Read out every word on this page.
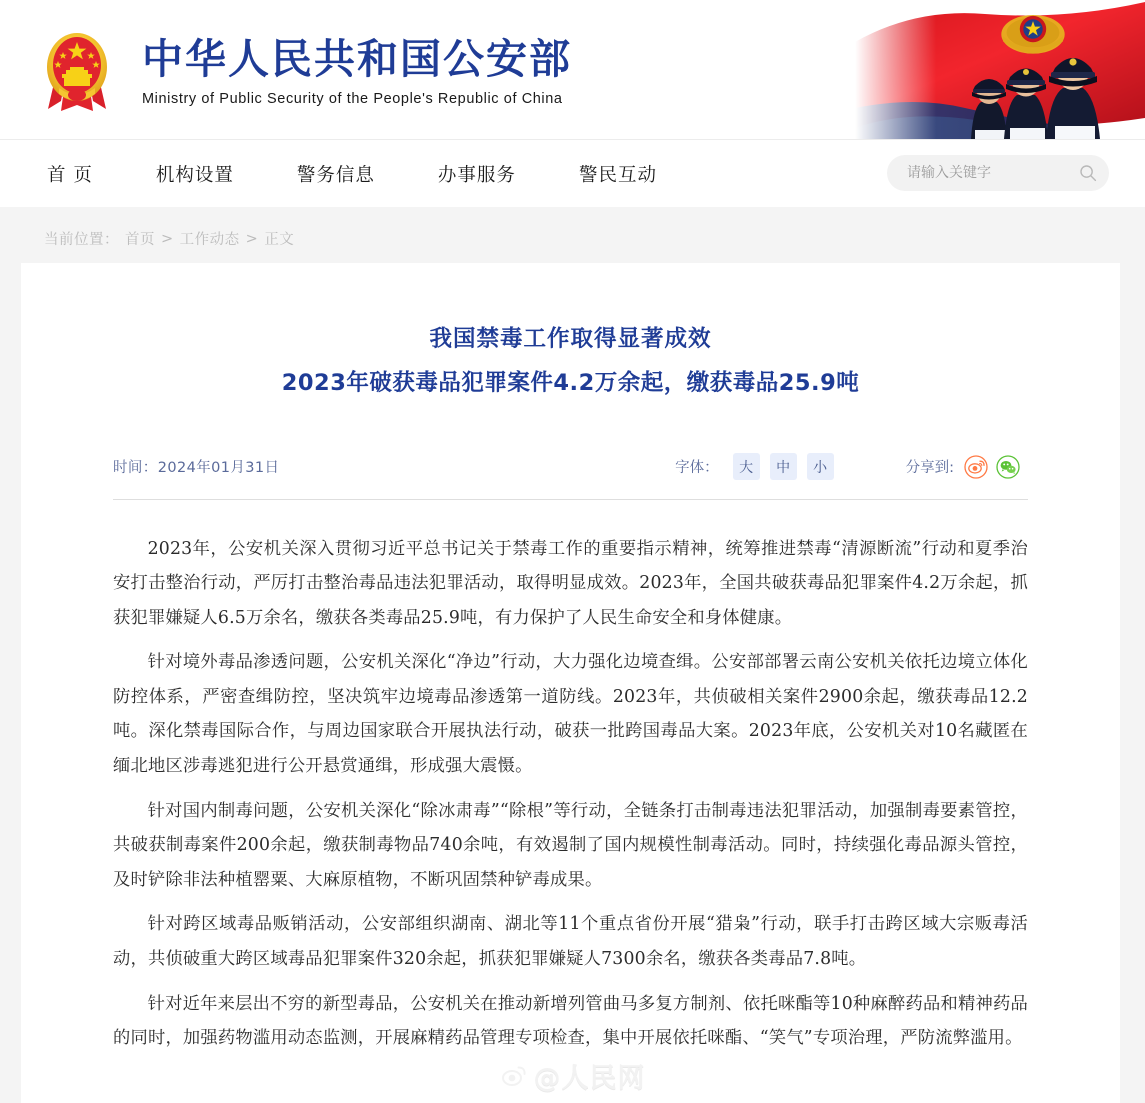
中华人民共和国公安部
Ministry of Public Security of the People's Republic of China
首 页	机构设置	警务信息	办事服务	警民互动
请输入关键字
当前位置： 首页 > 工作动态 > 正文
我国禁毒工作取得显著成效
2023年破获毒品犯罪案件4.2万余起，缴获毒品25.9吨
时间：2024年01月31日	字体：	大	中	小	分享到:

2023年，公安机关深入贯彻习近平总书记关于禁毒工作的重要指示精神，统筹推进禁毒“清源断流”行动和夏季治安打击整治行动，严厉打击整治毒品违法犯罪活动，取得明显成效。2023年，全国共破获毒品犯罪案件4.2万余起，抓获犯罪嫌疑人6.5万余名，缴获各类毒品25.9吨，有力保护了人民生命安全和身体健康。

针对境外毒品渗透问题，公安机关深化“净边”行动，大力强化边境查缉。公安部部署云南公安机关依托边境立体化防控体系，严密查缉防控，坚决筑牢边境毒品渗透第一道防线。2023年，共侦破相关案件2900余起，缴获毒品12.2吨。深化禁毒国际合作，与周边国家联合开展执法行动，破获一批跨国毒品大案。2023年底，公安机关对10名藏匿在缅北地区涉毒逃犯进行公开悬赏通缉，形成强大震慑。

针对国内制毒问题，公安机关深化“除冰肃毒”“除根”等行动，全链条打击制毒违法犯罪活动，加强制毒要素管控，共破获制毒案件200余起，缴获制毒物品740余吨，有效遏制了国内规模性制毒活动。同时，持续强化毒品源头管控，及时铲除非法种植罂粟、大麻原植物，不断巩固禁种铲毒成果。

针对跨区域毒品贩销活动，公安部组织湖南、湖北等11个重点省份开展“猎枭”行动，联手打击跨区域大宗贩毒活动，共侦破重大跨区域毒品犯罪案件320余起，抓获犯罪嫌疑人7300余名，缴获各类毒品7.8吨。

针对近年来层出不穷的新型毒品，公安机关在推动新增列管曲马多复方制剂、依托咪酯等10种麻醉药品和精神药品的同时，加强药物滥用动态监测，开展麻精药品管理专项检查，集中开展依托咪酯、“笑气”专项治理，严防流弊滥用。

@人民网
